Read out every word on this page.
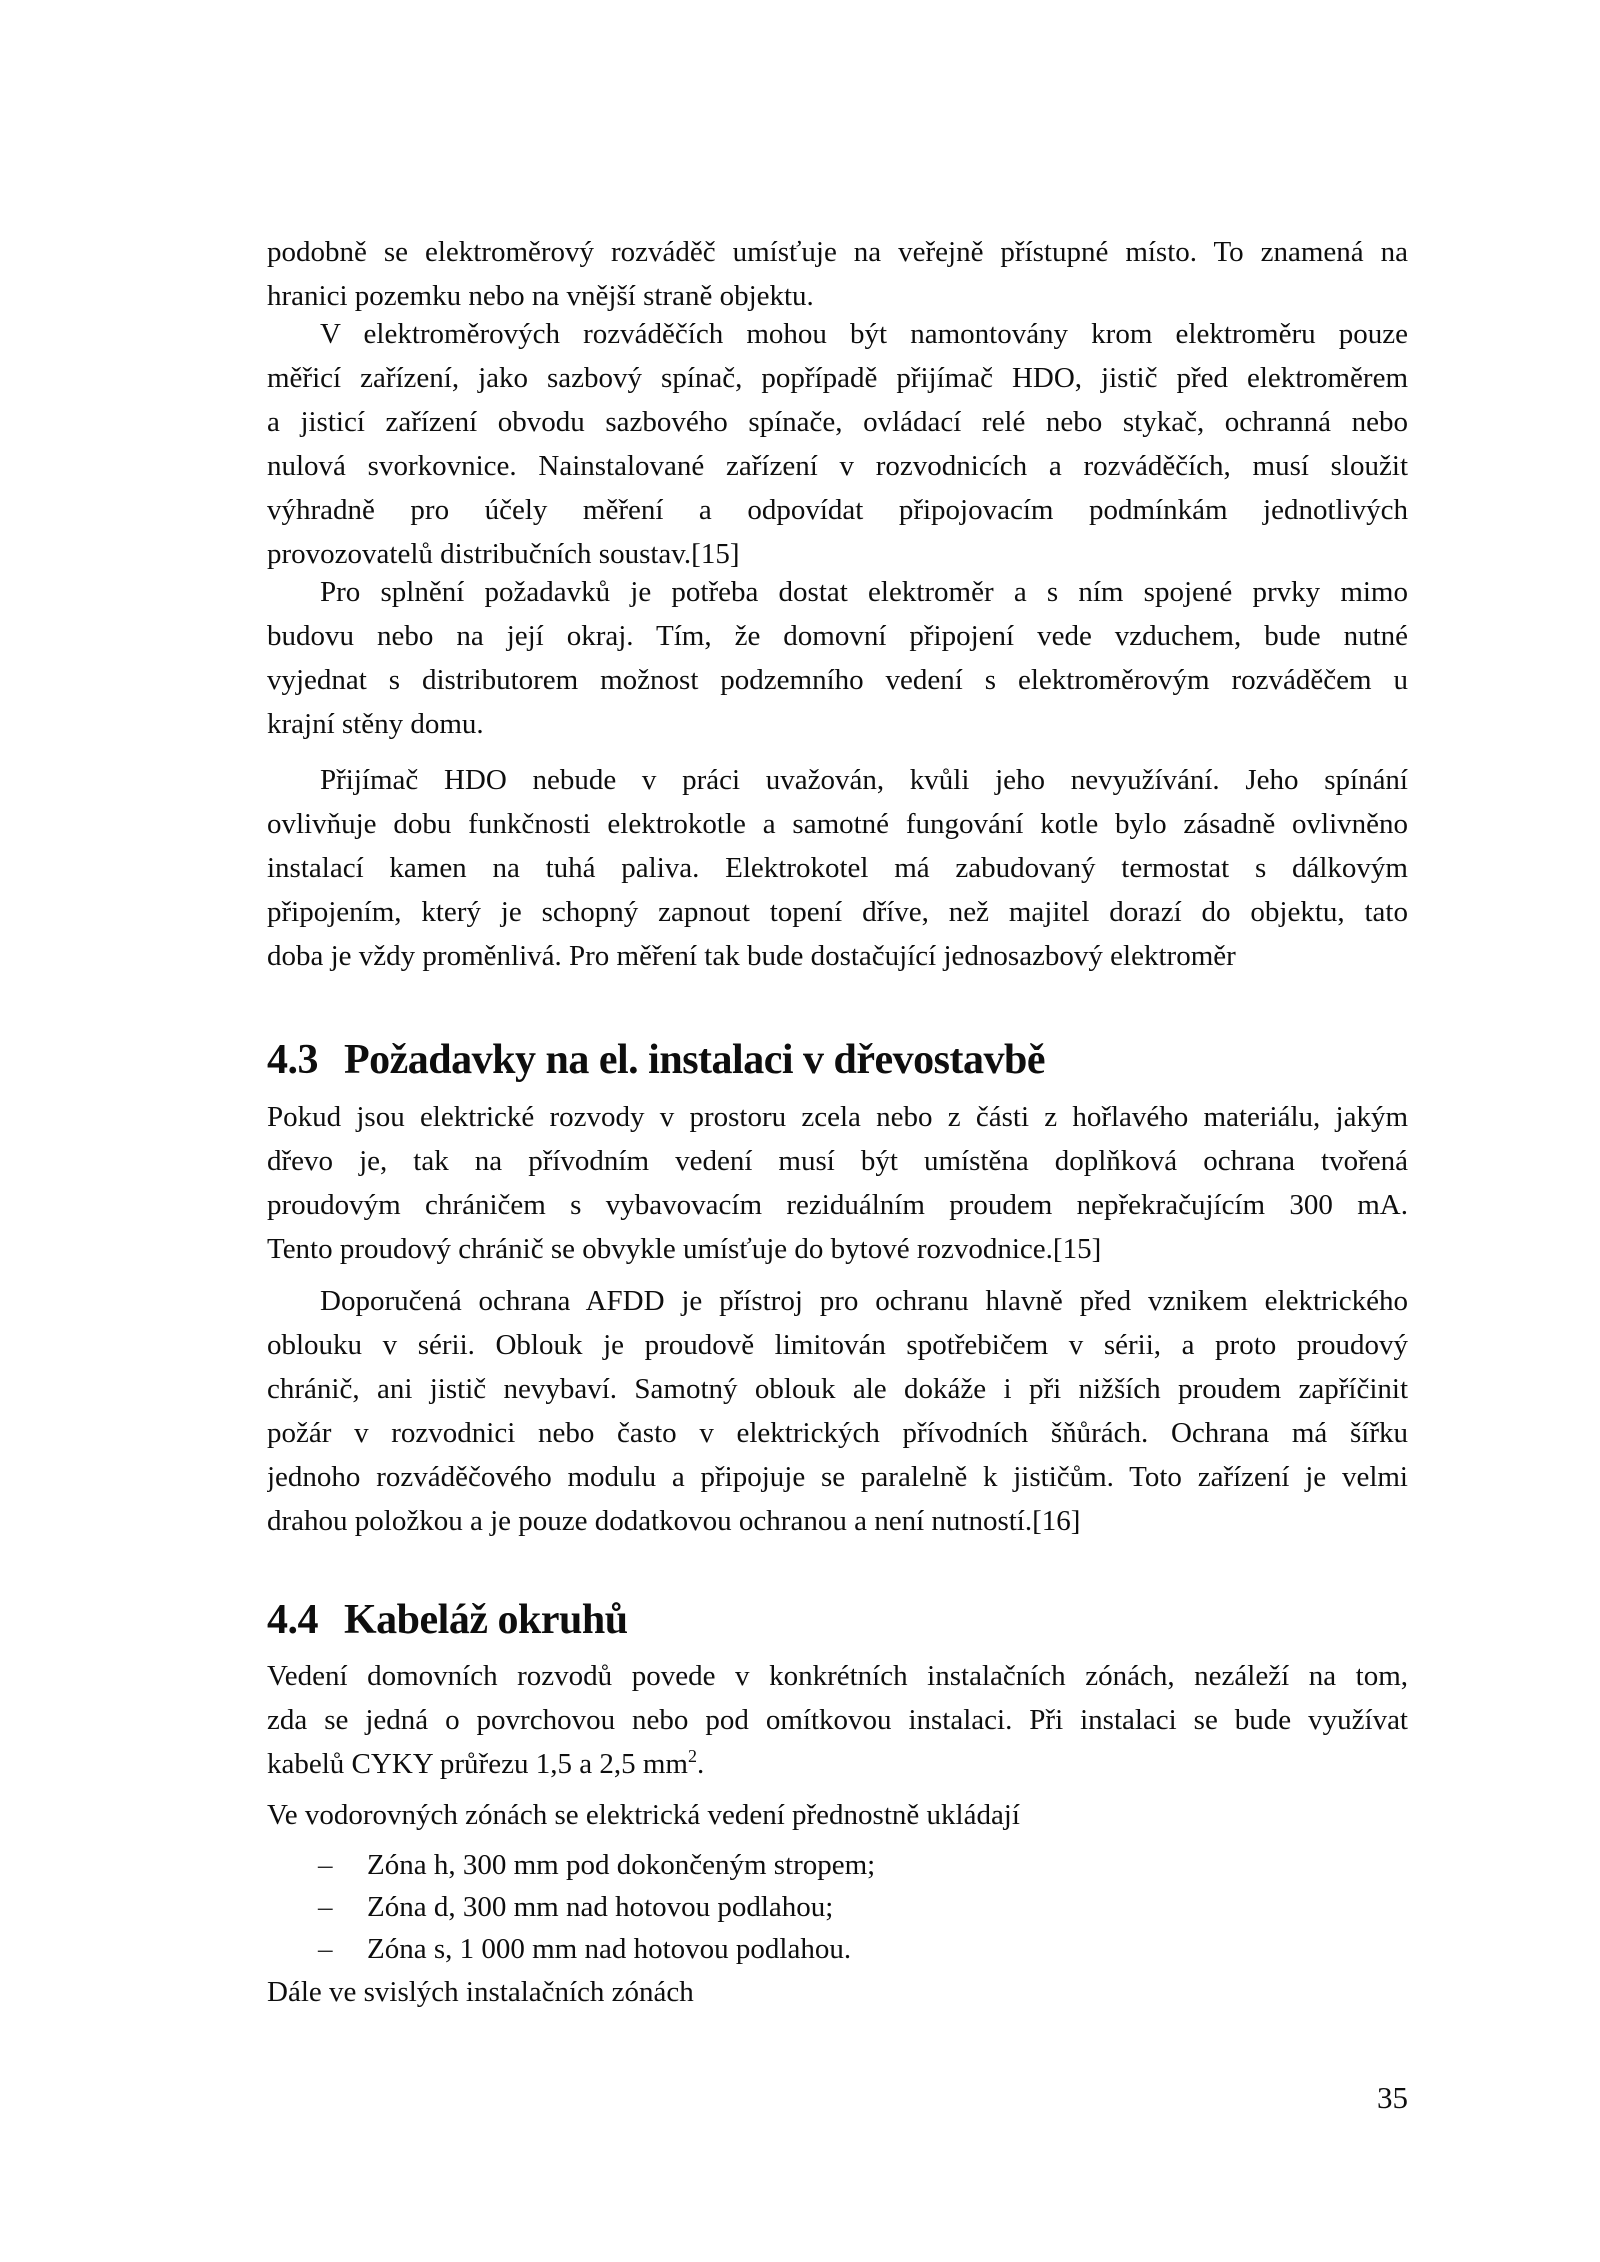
podobně se elektroměrový rozváděč umísťuje na veřejně přístupné místo. To znamená na
hranici pozemku nebo na vnější straně objektu.
V elektroměrových rozváděčích mohou být namontovány krom elektroměru pouze
měřicí zařízení, jako sazbový spínač, popřípadě přijímač HDO, jistič před elektroměrem
a jisticí zařízení obvodu sazbového spínače, ovládací relé nebo stykač, ochranná nebo
nulová svorkovnice. Nainstalované zařízení v rozvodnicích a rozváděčích, musí sloužit
výhradně pro účely měření a odpovídat připojovacím podmínkám jednotlivých
provozovatelů distribučních soustav.[15]
Pro splnění požadavků je potřeba dostat elektroměr a s ním spojené prvky mimo
budovu nebo na její okraj. Tím, že domovní připojení vede vzduchem, bude nutné
vyjednat s distributorem možnost podzemního vedení s elektroměrovým rozváděčem u
krajní stěny domu.
Přijímač HDO nebude v práci uvažován, kvůli jeho nevyužívání. Jeho spínání
ovlivňuje dobu funkčnosti elektrokotle a samotné fungování kotle bylo zásadně ovlivněno
instalací kamen na tuhá paliva. Elektrokotel má zabudovaný termostat s dálkovým
připojením, který je schopný zapnout topení dříve, než majitel dorazí do objektu, tato
doba je vždy proměnlivá. Pro měření tak bude dostačující jednosazbový elektroměr
4.3 Požadavky na el. instalaci v dřevostavbě
Pokud jsou elektrické rozvody v prostoru zcela nebo z části z hořlavého materiálu, jakým
dřevo je, tak na přívodním vedení musí být umístěna doplňková ochrana tvořená
proudovým chráničem s vybavovacím reziduálním proudem nepřekračujícím 300 mA.
Tento proudový chránič se obvykle umísťuje do bytové rozvodnice.[15]
Doporučená ochrana AFDD je přístroj pro ochranu hlavně před vznikem elektrického
oblouku v sérii. Oblouk je proudově limitován spotřebičem v sérii, a proto proudový
chránič, ani jistič nevybaví. Samotný oblouk ale dokáže i při nižších proudem zapříčinit
požár v rozvodnici nebo často v elektrických přívodních šňůrách. Ochrana má šířku
jednoho rozváděčového modulu a připojuje se paralelně k jističům. Toto zařízení je velmi
drahou položkou a je pouze dodatkovou ochranou a není nutností.[16]
4.4 Kabeláž okruhů
Vedení domovních rozvodů povede v konkrétních instalačních zónách, nezáleží na tom,
zda se jedná o povrchovou nebo pod omítkovou instalaci. Při instalaci se bude využívat
kabelů CYKY průřezu 1,5 a 2,5 $mm^2$.
Ve vodorovných zónách se elektrická vedení přednostně ukládají
– Zóna h, 300 mm pod dokončeným stropem;
– Zóna d, 300 mm nad hotovou podlahou;
– Zóna s, 1 000 mm nad hotovou podlahou.
Dále ve svislých instalačních zónách
35
